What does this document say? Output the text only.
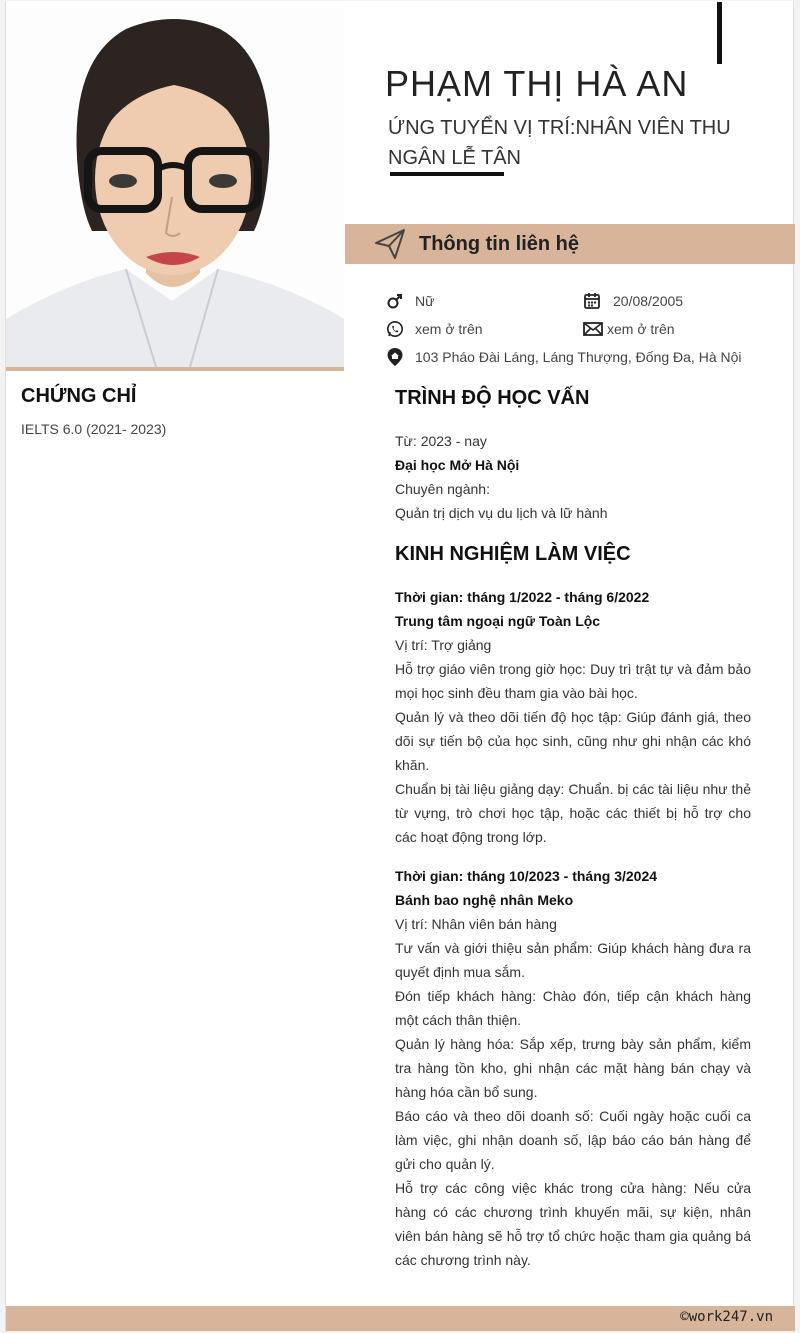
PHẠM THỊ HÀ AN
ỨNG TUYỂN VỊ TRÍ:NHÂN VIÊN THU NGÂN LỄ TÂN
Thông tin liên hệ
Nữ	20/08/2005
xem ở trên	xem ở trên
103 Pháo Đài Láng, Láng Thượng, Đống Đa, Hà Nội
CHỨNG CHỈ
IELTS 6.0 (2021- 2023)
TRÌNH ĐỘ HỌC VẤN

Từ: 2023 - nay

Đại học Mở Hà Nội

Chuyên ngành:

Quản trị dịch vụ du lịch và lữ hành

KINH NGHIỆM LÀM VIỆC

Thời gian: tháng 1/2022 - tháng 6/2022

Trung tâm ngoại ngữ Toàn Lộc

Vị trí: Trợ giảng

Hỗ trợ giáo viên trong giờ học: Duy trì trật tự và đảm bảo mọi học sinh đều tham gia vào bài học.

Quản lý và theo dõi tiến độ học tập: Giúp đánh giá, theo dõi sự tiến bộ của học sinh, cũng như ghi nhận các khó khăn.

Chuẩn bị tài liệu giảng dạy: Chuẩn. bị các tài liệu như thẻ từ vựng, trò chơi học tập, hoặc các thiết bị hỗ trợ cho các hoạt động trong lớp.

Thời gian: tháng 10/2023 - tháng 3/2024

Bánh bao nghệ nhân Meko

Vị trí: Nhân viên bán hàng

Tư vấn và giới thiệu sản phẩm: Giúp khách hàng đưa ra quyết định mua sắm.

Đón tiếp khách hàng: Chào đón, tiếp cận khách hàng một cách thân thiện.

Quản lý hàng hóa: Sắp xếp, trưng bày sản phẩm, kiểm tra hàng tồn kho, ghi nhận các mặt hàng bán chạy và hàng hóa cần bổ sung.

Báo cáo và theo dõi doanh số: Cuối ngày hoặc cuối ca làm việc, ghi nhận doanh số, lập báo cáo bán hàng để gửi cho quản lý.

Hỗ trợ các công việc khác trong cửa hàng: Nếu cửa hàng có các chương trình khuyến mãi, sự kiện, nhân viên bán hàng sẽ hỗ trợ tổ chức hoặc tham gia quảng bá các chương trình này.

©work247.vn
